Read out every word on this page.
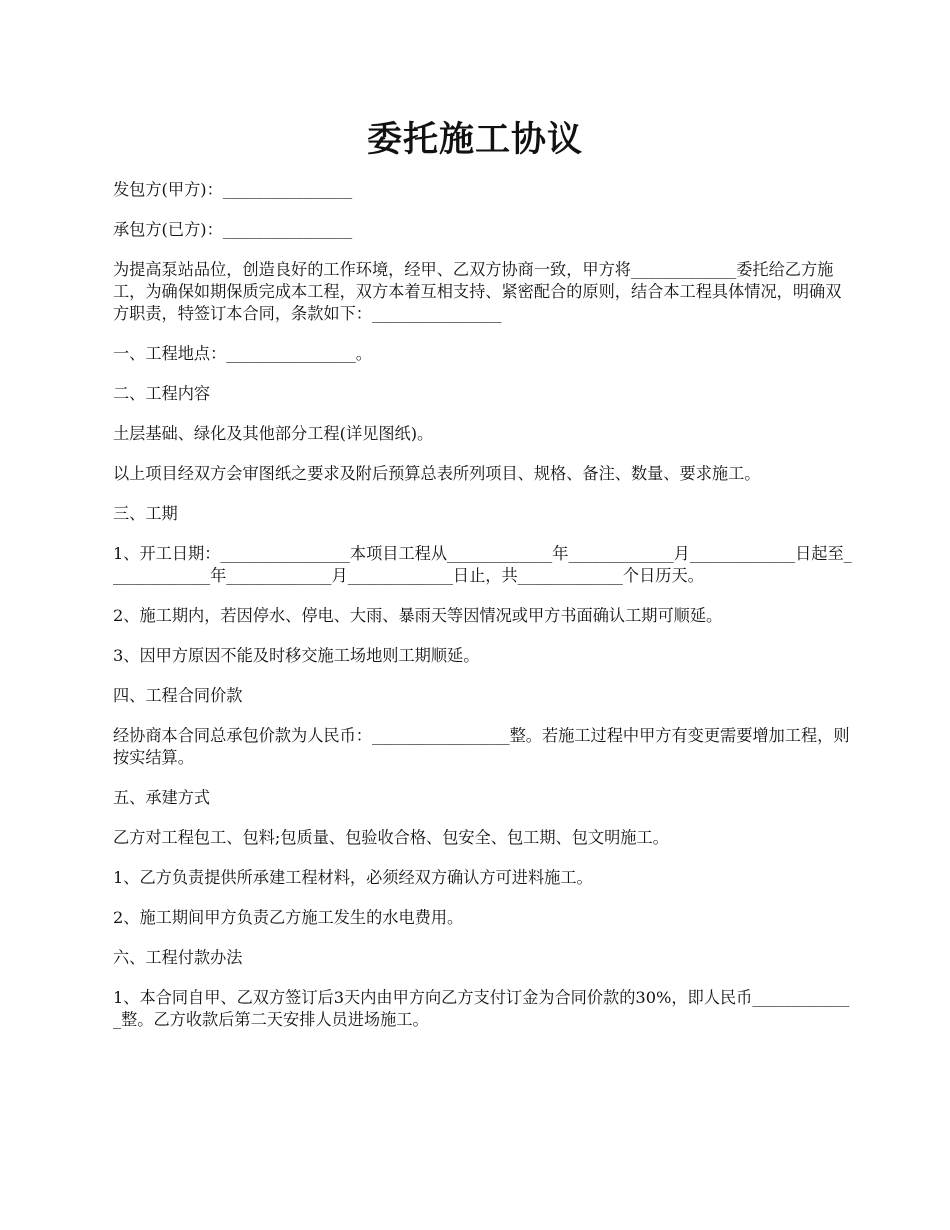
委托施工协议

发包方(甲方)：________________

承包方(已方)：________________

为提高泵站品位，创造良好的工作环境，经甲、乙双方协商一致，甲方将_____________委托给乙方施工，为确保如期保质完成本工程，双方本着互相支持、紧密配合的原则，结合本工程具体情况，明确双方职责，特签订本合同，条款如下：________________

一、工程地点：________________。

二、工程内容

土层基础、绿化及其他部分工程(详见图纸)。

以上项目经双方会审图纸之要求及附后预算总表所列项目、规格、备注、数量、要求施工。

三、工期

1、开工日期：________________本项目工程从_____________年_____________月_____________日起至_____________年_____________月_____________日止，共_____________个日历天。

2、施工期内，若因停水、停电、大雨、暴雨天等因情况或甲方书面确认工期可顺延。

3、因甲方原因不能及时移交施工场地则工期顺延。

四、工程合同价款

经协商本合同总承包价款为人民币：_________________整。若施工过程中甲方有变更需要增加工程，则按实结算。

五、承建方式

乙方对工程包工、包料;包质量、包验收合格、包安全、包工期、包文明施工。

1、乙方负责提供所承建工程材料，必须经双方确认方可进料施工。

2、施工期间甲方负责乙方施工发生的水电费用。

六、工程付款办法

1、本合同自甲、乙双方签订后3天内由甲方向乙方支付订金为合同价款的30%，即人民币_____________整。乙方收款后第二天安排人员进场施工。
